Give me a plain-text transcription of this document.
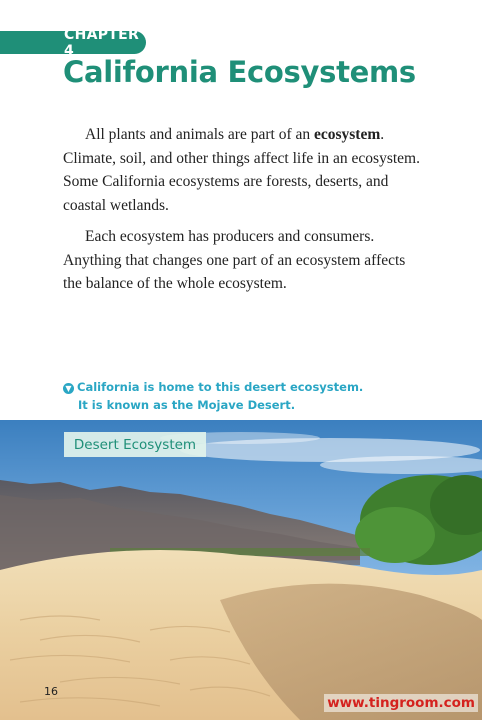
CHAPTER 4
California Ecosystems

All plants and animals are part of an ecosystem. Climate, soil, and other things affect life in an ecosystem. Some California ecosystems are forests, deserts, and coastal wetlands.

Each ecosystem has producers and consumers. Anything that changes one part of an ecosystem affects the balance of the whole ecosystem.

▼ California is home to this desert ecosystem.
It is known as the Mojave Desert.
Desert Ecosystem
16
www.tingroom.com
